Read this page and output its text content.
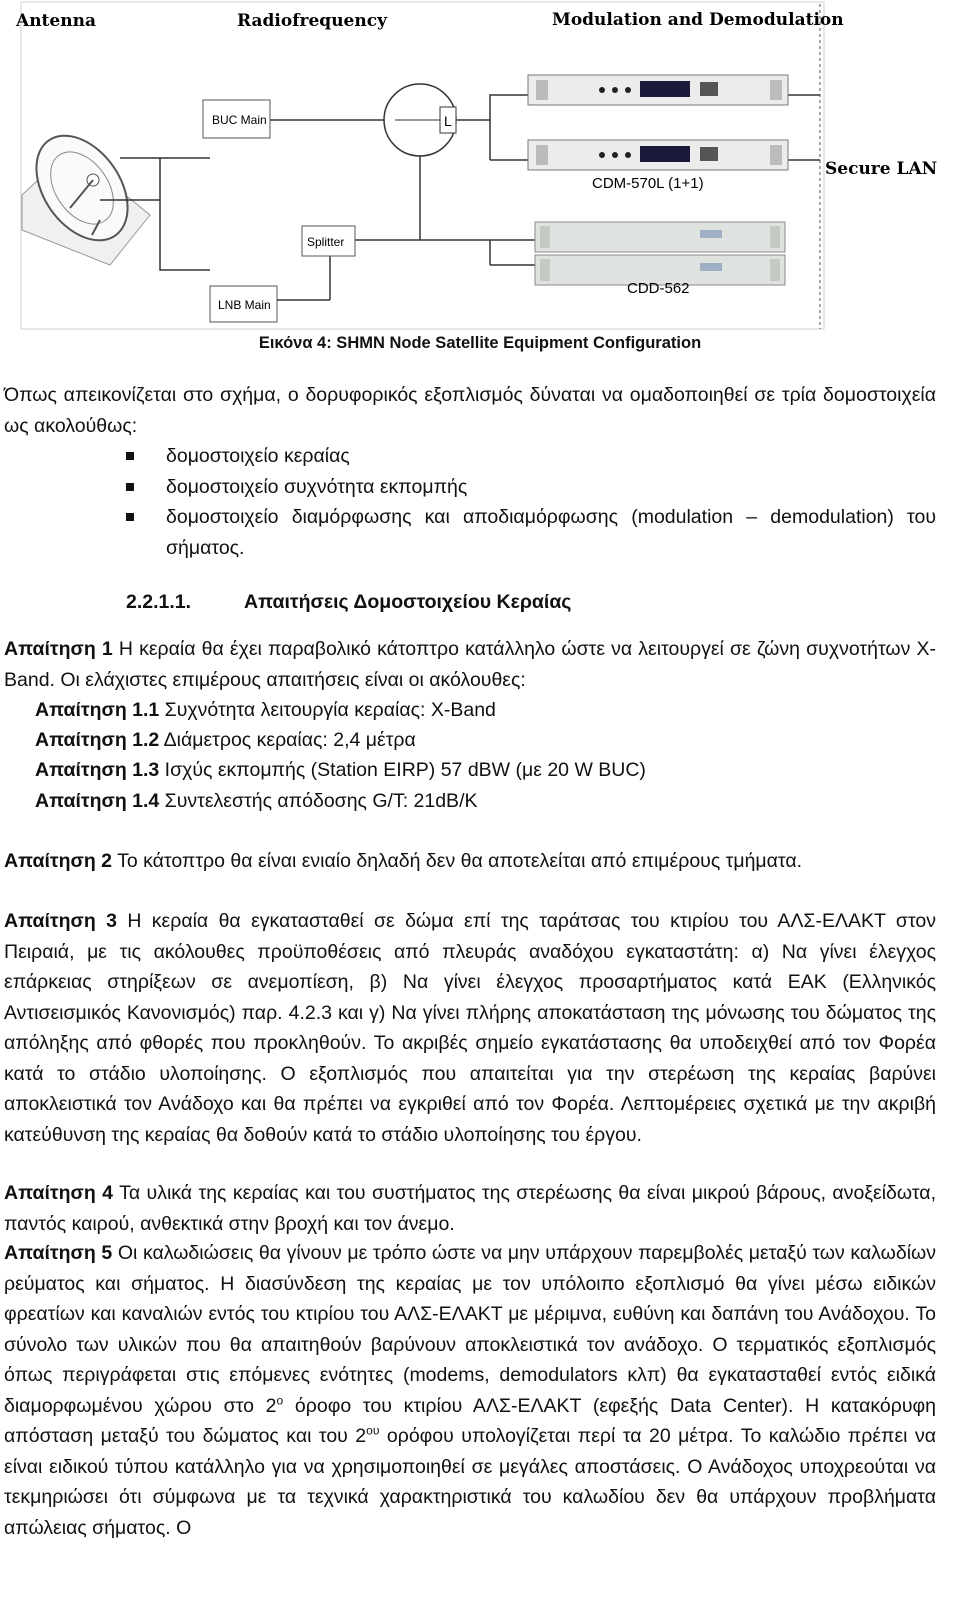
Antenna	Radiofrequency	Modulation and Demodulation
BUC Main
Splitter
LNB Main
L
CDM-570L (1+1)
Secure LAN
CDD-562
Εικόνα 4: SHMN Node Satellite Equipment Configuration

Όπως απεικονίζεται στο σχήμα, ο δορυφορικός εξοπλισμός δύναται να ομαδοποιηθεί σε τρία δομοστοιχεία ως ακολούθως:

δομοστοιχείο κεραίας
δομοστοιχείο συχνότητα εκπομπής
δομοστοιχείο διαμόρφωσης και αποδιαμόρφωσης (modulation – demodulation) του σήματος.
2.2.1.1.	Απαιτήσεις Δομοστοιχείου Κεραίας

Απαίτηση 1 Η κεραία θα έχει παραβολικό κάτοπτρο κατάλληλο ώστε να λειτουργεί σε ζώνη συχνοτήτων X-Band. Οι ελάχιστες επιμέρους απαιτήσεις είναι οι ακόλουθες:

Απαίτηση 1.1 Συχνότητα λειτουργία κεραίας: X-Band
Απαίτηση 1.2 Διάμετρος κεραίας: 2,4 μέτρα
Απαίτηση 1.3 Ισχύς εκπομπής (Station EIRP) 57 dBW (με 20 W BUC)
Απαίτηση 1.4 Συντελεστής απόδοσης G/T: 21dB/K

Απαίτηση 2 Το κάτοπτρο θα είναι ενιαίο δηλαδή δεν θα αποτελείται από επιμέρους τμήματα.

Απαίτηση 3 Η κεραία θα εγκατασταθεί σε δώμα επί της ταράτσας του κτιρίου του ΑΛΣ-ΕΛΑΚΤ στον Πειραιά, με τις ακόλουθες προϋποθέσεις από πλευράς αναδόχου εγκαταστάτη: α) Να γίνει έλεγχος επάρκειας στηρίξεων σε ανεμοπίεση, β) Να γίνει έλεγχος προσαρτήματος κατά ΕΑΚ (Ελληνικός Αντισεισμικός Κανονισμός) παρ. 4.2.3 και γ) Να γίνει πλήρης αποκατάσταση της μόνωσης του δώματος της απόληξης από φθορές που προκληθούν. Το ακριβές σημείο εγκατάστασης θα υποδειχθεί από τον Φορέα κατά το στάδιο υλοποίησης. Ο εξοπλισμός που απαιτείται για την στερέωση της κεραίας βαρύνει αποκλειστικά τον Ανάδοχο και θα πρέπει να εγκριθεί από τον Φορέα. Λεπτομέρειες σχετικά με την ακριβή κατεύθυνση της κεραίας θα δοθούν κατά το στάδιο υλοποίησης του έργου.

Απαίτηση 4 Τα υλικά της κεραίας και του συστήματος της στερέωσης θα είναι μικρού βάρους, ανοξείδωτα, παντός καιρού, ανθεκτικά στην βροχή και τον άνεμο.

Απαίτηση 5 Οι καλωδιώσεις θα γίνουν με τρόπο ώστε να μην υπάρχουν παρεμβολές μεταξύ των καλωδίων ρεύματος και σήματος. Η διασύνδεση της κεραίας με τον υπόλοιπο εξοπλισμό θα γίνει μέσω ειδικών φρεατίων και καναλιών εντός του κτιρίου του ΑΛΣ-ΕΛΑΚΤ με μέριμνα, ευθύνη και δαπάνη του Ανάδοχου. Το σύνολο των υλικών που θα απαιτηθούν βαρύνουν αποκλειστικά τον ανάδοχο. Ο τερματικός εξοπλισμός όπως περιγράφεται στις επόμενες ενότητες (modems, demodulators κλπ) θα εγκατασταθεί εντός ειδικά διαμορφωμένου χώρου στο $2^o$ όροφο του κτιρίου ΑΛΣ-ΕΛΑΚΤ (εφεξής Data Center). Η κατακόρυφη απόσταση μεταξύ του δώματος και του $2^{o\upsilon}$ ορόφου υπολογίζεται περί τα 20 μέτρα. Το καλώδιο πρέπει να είναι ειδικού τύπου κατάλληλο για να χρησιμοποιηθεί σε μεγάλες αποστάσεις. Ο Ανάδοχος υποχρεούται να τεκμηριώσει ότι σύμφωνα με τα τεχνικά χαρακτηριστικά του καλωδίου δεν θα υπάρχουν προβλήματα απώλειας σήματος. Ο
